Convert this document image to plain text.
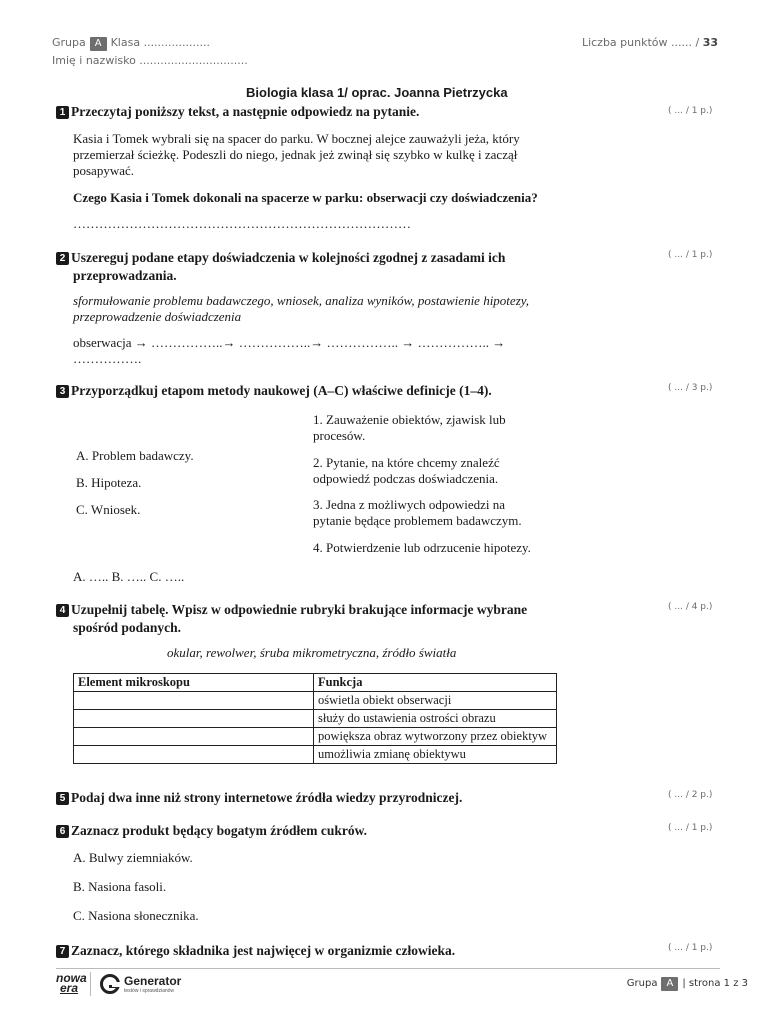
Grupa A Klasa ...................
Imię i nazwisko ...............................
Liczba punktów ...... / 33
Biologia klasa 1/ oprac. Joanna Pietrzycka
1 Przeczytaj poniższy tekst, a następnie odpowiedz na pytanie.	( ... / 1 p.)
Kasia i Tomek wybrali się na spacer do parku. W bocznej alejce zauważyli jeża, który
przemierzał ścieżkę. Podeszli do niego, jednak jeż zwinął się szybko w kulkę i zaczął
posapywać.
Czego Kasia i Tomek dokonali na spacerze w parku: obserwacji czy doświadczenia?
……………………………………………………………………
2 Uszereguj podane etapy doświadczenia w kolejności zgodnej z zasadami ich
przeprowadzania.
( ... / 1 p.)
sformułowanie problemu badawczego, wniosek, analiza wyników, postawienie hipotezy,
przeprowadzenie doświadczenia
obserwacja → ……………..→ ……………..→ …………….. → …………….. →
…………….
3 Przyporządkuj etapom metody naukowej (A–C) właściwe definicje (1–4).	( ... / 3 p.)
A. Problem badawczy.
B. Hipoteza.
C. Wniosek.
1. Zauważenie obiektów, zjawisk lub
procesów.
2. Pytanie, na które chcemy znaleźć
odpowiedź podczas doświadczenia.
3. Jedna z możliwych odpowiedzi na
pytanie będące problemem badawczym.
4. Potwierdzenie lub odrzucenie hipotezy.
A. ….. B. ….. C. …..
4 Uzupełnij tabelę. Wpisz w odpowiednie rubryki brakujące informacje wybrane
spośród podanych.
( ... / 4 p.)
okular, rewolwer, śruba mikrometryczna, źródło światła
Element mikroskopu	Funkcja
	oświetla obiekt obserwacji
	służy do ustawienia ostrości obrazu
	powiększa obraz wytworzony przez obiektyw
	umożliwia zmianę obiektywu
5 Podaj dwa inne niż strony internetowe źródła wiedzy przyrodniczej.	( ... / 2 p.)
6 Zaznacz produkt będący bogatym źródłem cukrów.	( ... / 1 p.)
A. Bulwy ziemniaków.
B. Nasiona fasoli.
C. Nasiona słonecznika.
7 Zaznacz, którego składnika jest najwięcej w organizmie człowieka.	( ... / 1 p.)
nowa
era	Generator
testów i sprawdzianów
Grupa A | strona 1 z 3
